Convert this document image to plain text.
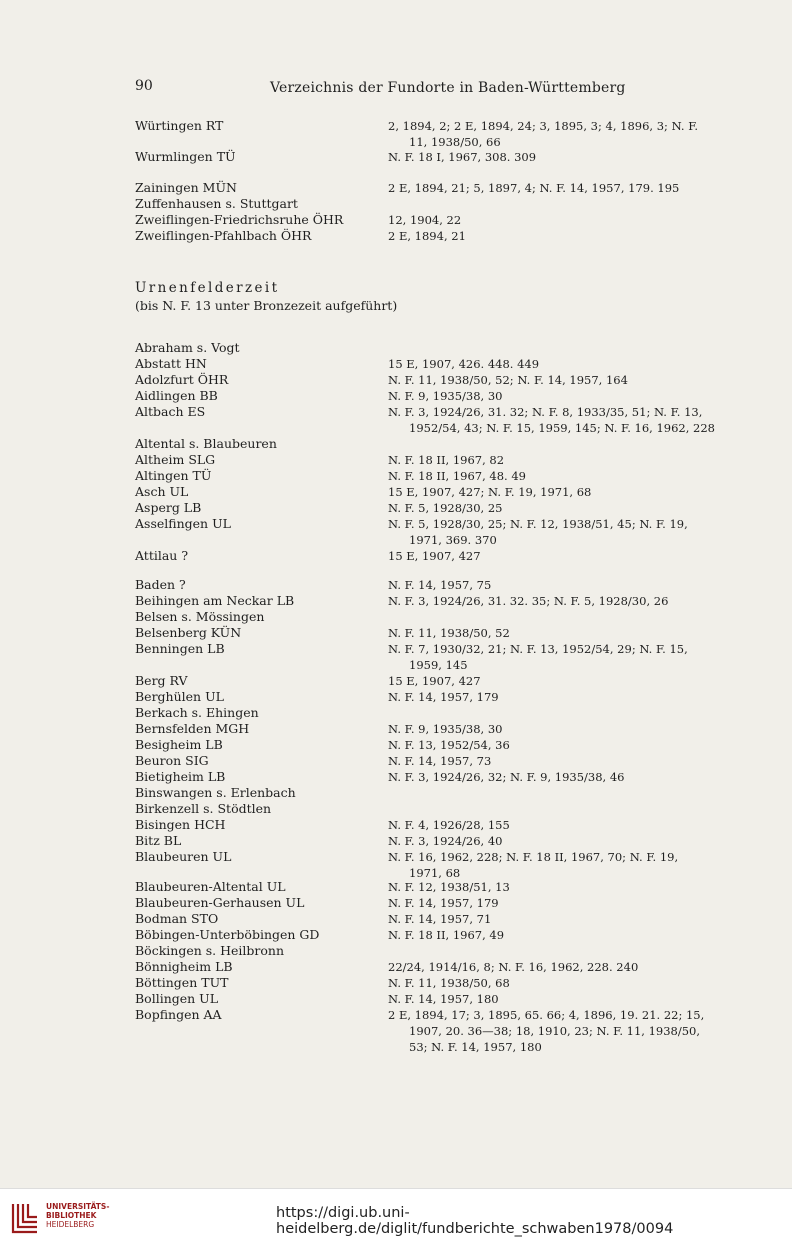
90	Verzeichnis der Fundorte in Baden-Württemberg
Würtingen RT	2, 1894, 2; 2 E, 1894, 24; 3, 1895, 3; 4, 1896, 3; N. F.
11, 1938/50, 66
Wurmlingen TÜ	N. F. 18 I, 1967, 308. 309
Zainingen MÜN	2 E, 1894, 21; 5, 1897, 4; N. F. 14, 1957, 179. 195
Zuffenhausen s. Stuttgart
Zweiflingen-Friedrichsruhe ÖHR	12, 1904, 22
Zweiflingen-Pfahlbach ÖHR	2 E, 1894, 21
Abraham s. Vogt
Abstatt HN	15 E, 1907, 426. 448. 449
Adolzfurt ÖHR	N. F. 11, 1938/50, 52; N. F. 14, 1957, 164
Aidlingen BB	N. F. 9, 1935/38, 30
Altbach ES	N. F. 3, 1924/26, 31. 32; N. F. 8, 1933/35, 51; N. F. 13,
1952/54, 43; N. F. 15, 1959, 145; N. F. 16, 1962, 228
Altental s. Blaubeuren
Altheim SLG	N. F. 18 II, 1967, 82
Altingen TÜ	N. F. 18 II, 1967, 48. 49
Asch UL	15 E, 1907, 427; N. F. 19, 1971, 68
Asperg LB	N. F. 5, 1928/30, 25
Asselfingen UL	N. F. 5, 1928/30, 25; N. F. 12, 1938/51, 45; N. F. 19,
1971, 369. 370
Attilau ?	15 E, 1907, 427
Baden ?	N. F. 14, 1957, 75
Beihingen am Neckar LB	N. F. 3, 1924/26, 31. 32. 35; N. F. 5, 1928/30, 26
Belsen s. Mössingen
Belsenberg KÜN	N. F. 11, 1938/50, 52
Benningen LB	N. F. 7, 1930/32, 21; N. F. 13, 1952/54, 29; N. F. 15,
1959, 145
Berg RV	15 E, 1907, 427
Berghülen UL	N. F. 14, 1957, 179
Berkach s. Ehingen
Bernsfelden MGH	N. F. 9, 1935/38, 30
Besigheim LB	N. F. 13, 1952/54, 36
Beuron SIG	N. F. 14, 1957, 73
Bietigheim LB	N. F. 3, 1924/26, 32; N. F. 9, 1935/38, 46
Binswangen s. Erlenbach
Birkenzell s. Stödtlen
Bisingen HCH	N. F. 4, 1926/28, 155
Bitz BL	N. F. 3, 1924/26, 40
Blaubeuren UL	N. F. 16, 1962, 228; N. F. 18 II, 1967, 70; N. F. 19,
1971, 68
Blaubeuren-Altental UL	N. F. 12, 1938/51, 13
Blaubeuren-Gerhausen UL	N. F. 14, 1957, 179
Bodman STO	N. F. 14, 1957, 71
Böbingen-Unterböbingen GD	N. F. 18 II, 1967, 49
Böckingen s. Heilbronn
Bönnigheim LB	22/24, 1914/16, 8; N. F. 16, 1962, 228. 240
Böttingen TUT	N. F. 11, 1938/50, 68
Bollingen UL	N. F. 14, 1957, 180
Bopfingen AA	2 E, 1894, 17; 3, 1895, 65. 66; 4, 1896, 19. 21. 22; 15,
1907, 20. 36—38; 18, 1910, 23; N. F. 11, 1938/50,
53; N. F. 14, 1957, 180
Urnenfelderzeit
(bis N. F. 13 unter Bronzezeit aufgeführt)
UNIVERSITÄTS-
BIBLIOTHEK
HEIDELBERG
https://digi.ub.uni-heidelberg.de/diglit/fundberichte_schwaben1978/0094
